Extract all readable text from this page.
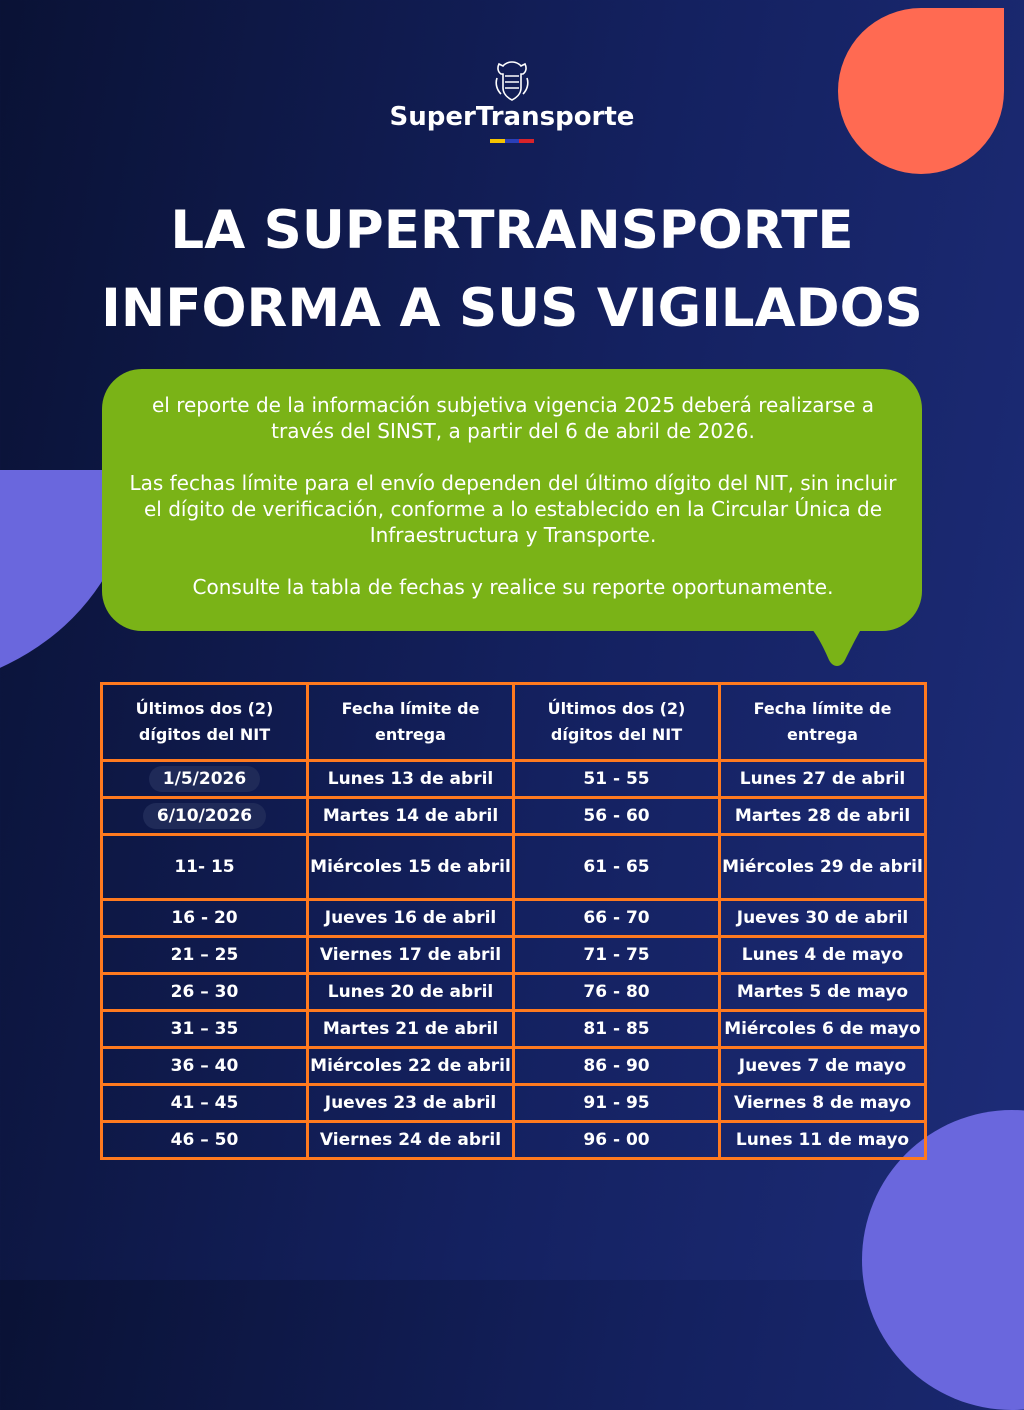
SuperTransporte
LA SUPERTRANSPORTE
INFORMA A SUS VIGILADOS

el reporte de la información subjetiva vigencia 2025 deberá realizarse a través del SINST, a partir del 6 de abril de 2026.

Las fechas límite para el envío dependen del último dígito del NIT, sin incluir el dígito de verificación, conforme a lo establecido en la Circular Única de Infraestructura y Transporte.

Consulte la tabla de fechas y realice su reporte oportunamente.

Últimos dos (2) dígitos del NIT	Fecha límite de entrega	Últimos dos (2) dígitos del NIT	Fecha límite de entrega
1/5/2026	Lunes 13 de abril	51 - 55	Lunes 27 de abril
6/10/2026	Martes 14 de abril	56 - 60	Martes 28 de abril
11- 15	Miércoles 15 de abril	61 - 65	Miércoles 29 de abril
16 - 20	Jueves 16 de abril	66 - 70	Jueves 30 de abril
21 – 25	Viernes 17 de abril	71 - 75	Lunes 4 de mayo
26 – 30	Lunes 20 de abril	76 - 80	Martes 5 de mayo
31 – 35	Martes 21 de abril	81 - 85	Miércoles 6 de mayo
36 – 40	Miércoles 22 de abril	86 - 90	Jueves 7 de mayo
41 – 45	Jueves 23 de abril	91 - 95	Viernes 8 de mayo
46 – 50	Viernes 24 de abril	96 - 00	Lunes 11 de mayo
